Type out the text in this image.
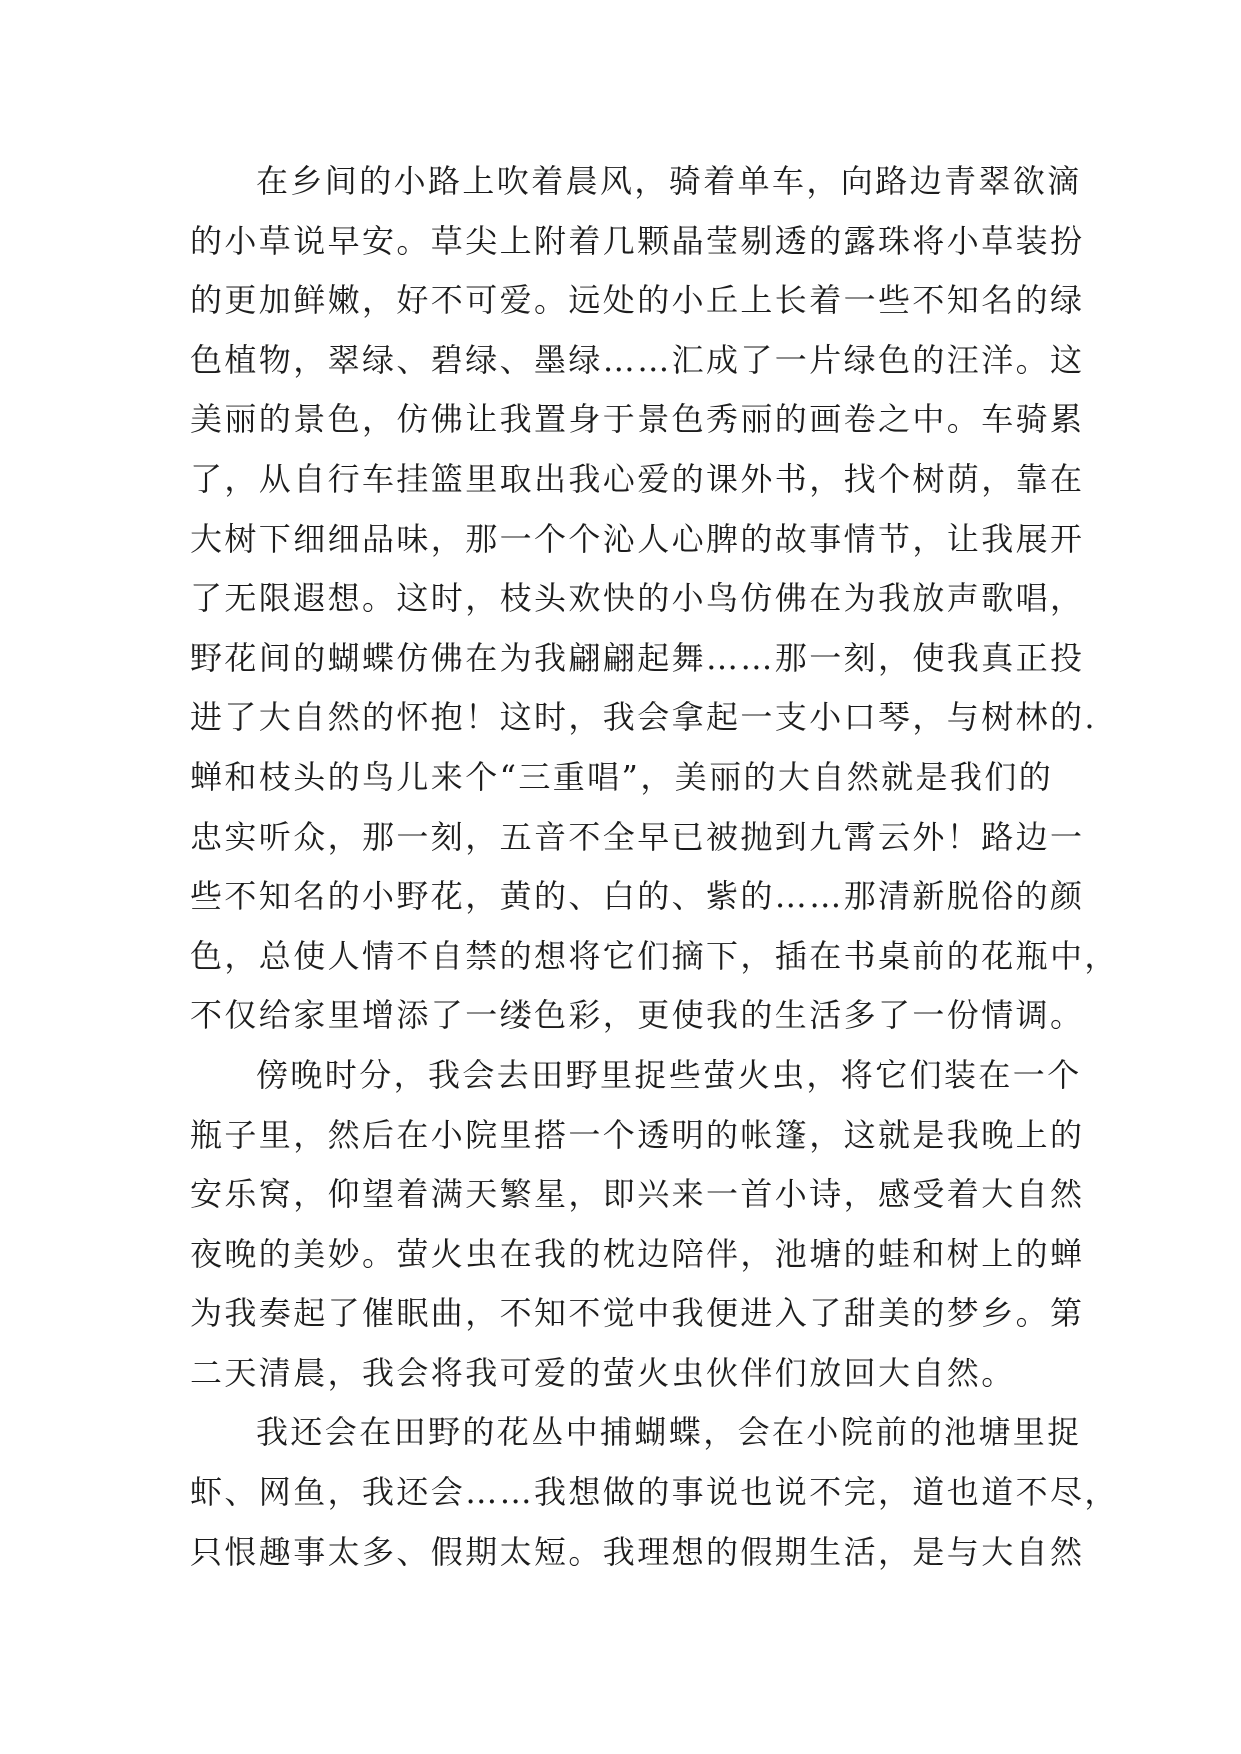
在乡间的小路上吹着晨风，骑着单车，向路边青翠欲滴
的小草说早安。草尖上附着几颗晶莹剔透的露珠将小草装扮
的更加鲜嫩，好不可爱。远处的小丘上长着一些不知名的绿
色植物，翠绿、碧绿、墨绿……汇成了一片绿色的汪洋。这
美丽的景色，仿佛让我置身于景色秀丽的画卷之中。车骑累
了，从自行车挂篮里取出我心爱的课外书，找个树荫，靠在
大树下细细品味，那一个个沁人心脾的故事情节，让我展开
了无限遐想。这时，枝头欢快的小鸟仿佛在为我放声歌唱，
野花间的蝴蝶仿佛在为我翩翩起舞……那一刻，使我真正投
进了大自然的怀抱！这时，我会拿起一支小口琴，与树林的.
蝉和枝头的鸟儿来个“三重唱”，美丽的大自然就是我们的
忠实听众，那一刻，五音不全早已被抛到九霄云外！路边一
些不知名的小野花，黄的、白的、紫的……那清新脱俗的颜
色，总使人情不自禁的想将它们摘下，插在书桌前的花瓶中，
不仅给家里增添了一缕色彩，更使我的生活多了一份情调。
傍晚时分，我会去田野里捉些萤火虫，将它们装在一个
瓶子里，然后在小院里搭一个透明的帐篷，这就是我晚上的
安乐窝，仰望着满天繁星，即兴来一首小诗，感受着大自然
夜晚的美妙。萤火虫在我的枕边陪伴，池塘的蛙和树上的蝉
为我奏起了催眠曲，不知不觉中我便进入了甜美的梦乡。第
二天清晨，我会将我可爱的萤火虫伙伴们放回大自然。
我还会在田野的花丛中捕蝴蝶，会在小院前的池塘里捉
虾、网鱼，我还会……我想做的事说也说不完，道也道不尽，
只恨趣事太多、假期太短。我理想的假期生活，是与大自然
